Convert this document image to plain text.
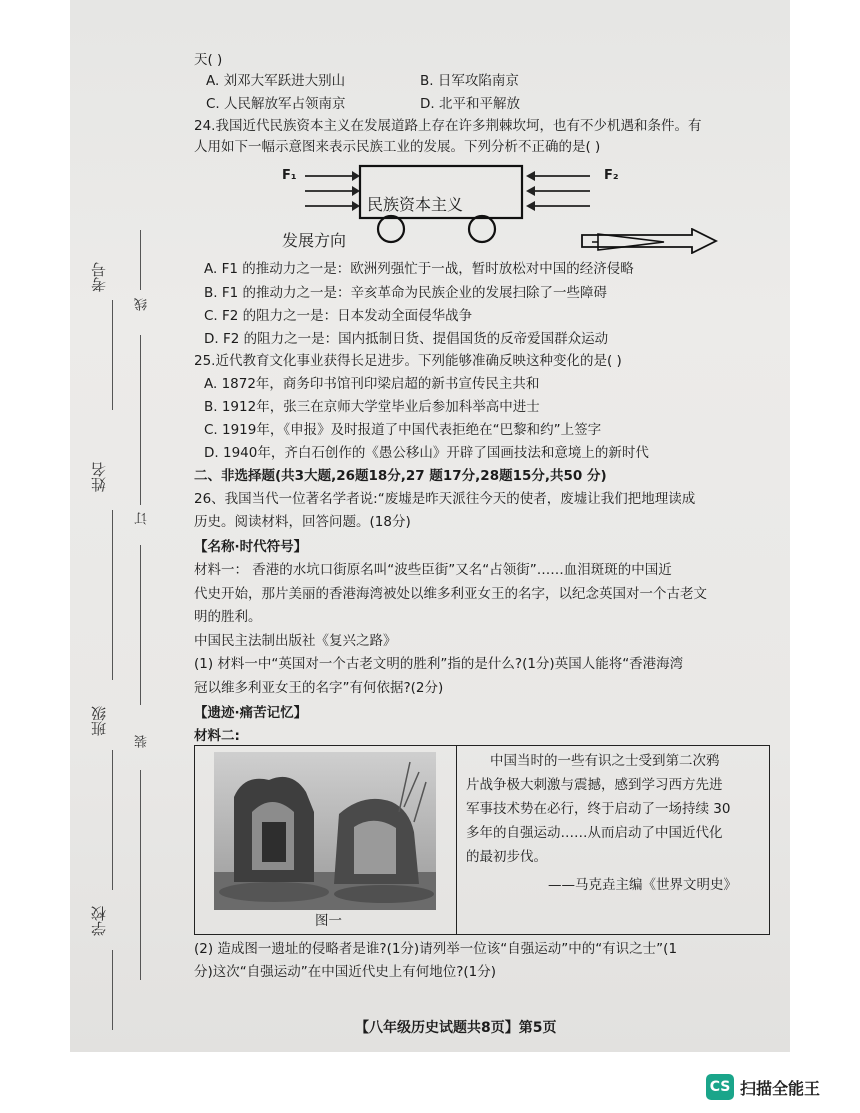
考号
姓名
班级
学校
线
订
装
天( )
A. 刘邓大军跃进大别山	B. 日军攻陷南京
C. 人民解放军占领南京	D. 北平和平解放
24.我国近代民族资本主义在发展道路上存在许多荆棘坎坷，也有不少机遇和条件。有
人用如下一幅示意图来表示民族工业的发展。下列分析不正确的是( )
F₁	F₂
民族资本主义
发展方向
A. F1 的推动力之一是：欧洲列强忙于一战，暂时放松对中国的经济侵略
B. F1 的推动力之一是：辛亥革命为民族企业的发展扫除了一些障碍
C. F2 的阻力之一是：日本发动全面侵华战争
D. F2 的阻力之一是：国内抵制日货、提倡国货的反帝爱国群众运动
25.近代教育文化事业获得长足进步。下列能够准确反映这种变化的是( )
A. 1872年，商务印书馆刊印梁启超的新书宣传民主共和
B. 1912年，张三在京师大学堂毕业后参加科举高中进士
C. 1919年，《申报》及时报道了中国代表拒绝在“巴黎和约”上签字
D. 1940年，齐白石创作的《愚公移山》开辟了国画技法和意境上的新时代
二、非选择题(共3大题,26题18分,27 题17分,28题15分,共50 分)
26、我国当代一位著名学者说:“废墟是昨天派往今天的使者，废墟让我们把地理读成
历史。阅读材料，回答问题。(18分)
【名称·时代符号】
材料一： 香港的水坑口街原名叫“波些臣街”又名“占领街”……血泪斑斑的中国近
代史开始，那片美丽的香港海湾被处以维多利亚女王的名字，以纪念英国对一个古老文
明的胜利。
中国民主法制出版社《复兴之路》
(1) 材料一中“英国对一个古老文明的胜利”指的是什么?(1分)英国人能将“香港海湾
冠以维多利亚女王的名字”有何依据?(2分)
【遗迹·痛苦记忆】
材料二:
图一
中国当时的一些有识之士受到第二次鸦
片战争极大刺激与震撼，感到学习西方先进
军事技术势在必行，终于启动了一场持续 30
多年的自强运动……从而启动了中国近代化
的最初步伐。
——马克垚主编《世界文明史》
(2) 造成图一遗址的侵略者是谁?(1分)请列举一位该“自强运动”中的“有识之士”(1
分)这次“自强运动”在中国近代史上有何地位?(1分)
【八年级历史试题共8页】第5页
CS 扫描全能王
